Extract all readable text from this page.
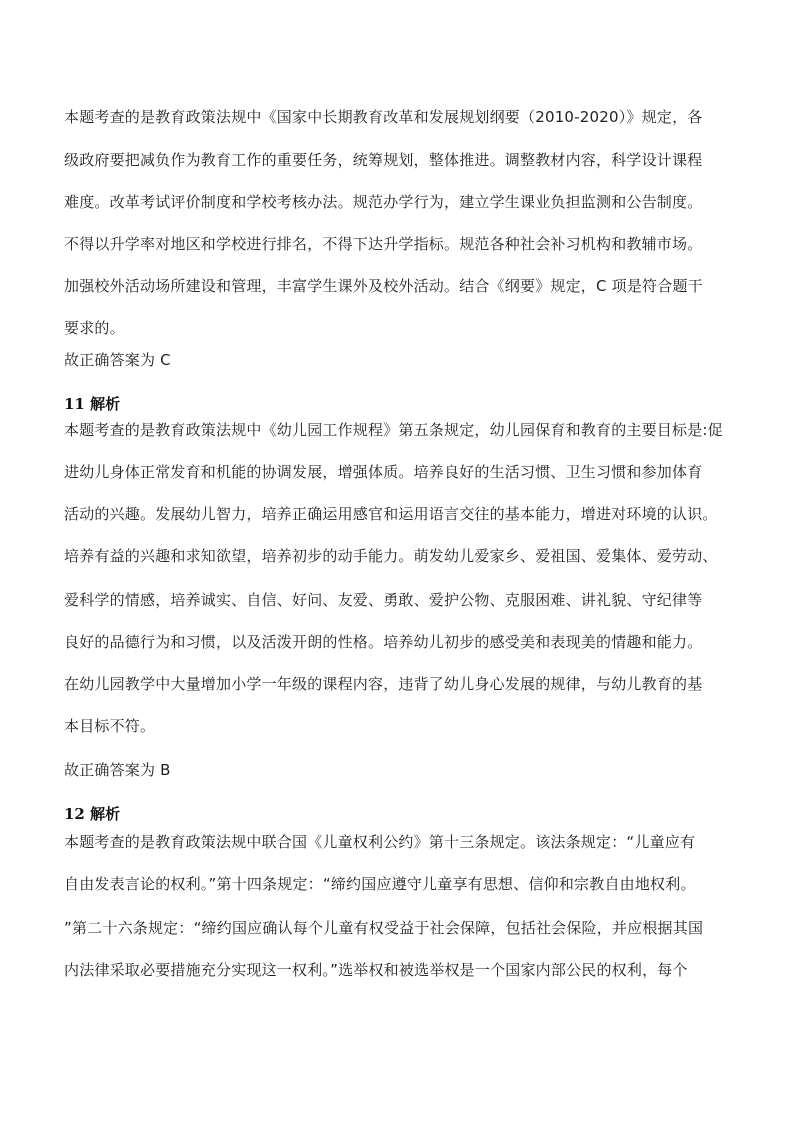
本题考查的是教育政策法规中《国家中长期教育改革和发展规划纲要（2010-2020）》规定，各
级政府要把减负作为教育工作的重要任务，统筹规划，整体推进。调整教材内容，科学设计课程
难度。改革考试评价制度和学校考核办法。规范办学行为，建立学生课业负担监测和公告制度。
不得以升学率对地区和学校进行排名，不得下达升学指标。规范各种社会补习机构和教辅市场。
加强校外活动场所建设和管理，丰富学生课外及校外活动。结合《纲要》规定，C 项是符合题干
要求的。
故正确答案为 C
11 解析
本题考查的是教育政策法规中《幼儿园工作规程》第五条规定，幼儿园保育和教育的主要目标是:促
进幼儿身体正常发育和机能的协调发展，增强体质。培养良好的生活习惯、卫生习惯和参加体育
活动的兴趣。发展幼儿智力，培养正确运用感官和运用语言交往的基本能力，增进对环境的认识。
培养有益的兴趣和求知欲望，培养初步的动手能力。萌发幼儿爱家乡、爱祖国、爱集体、爱劳动、
爱科学的情感，培养诚实、自信、好问、友爱、勇敢、爱护公物、克服困难、讲礼貌、守纪律等
良好的品德行为和习惯，以及活泼开朗的性格。培养幼儿初步的感受美和表现美的情趣和能力。
在幼儿园教学中大量增加小学一年级的课程内容，违背了幼儿身心发展的规律，与幼儿教育的基
本目标不符。
故正确答案为 B
12 解析
本题考查的是教育政策法规中联合国《儿童权利公约》第十三条规定。该法条规定：“儿童应有
自由发表言论的权利。”第十四条规定：“缔约国应遵守儿童享有思想、信仰和宗教自由地权利。
”第二十六条规定：“缔约国应确认每个儿童有权受益于社会保障，包括社会保险，并应根据其国
内法律采取必要措施充分实现这一权利。”选举权和被选举权是一个国家内部公民的权利，每个
